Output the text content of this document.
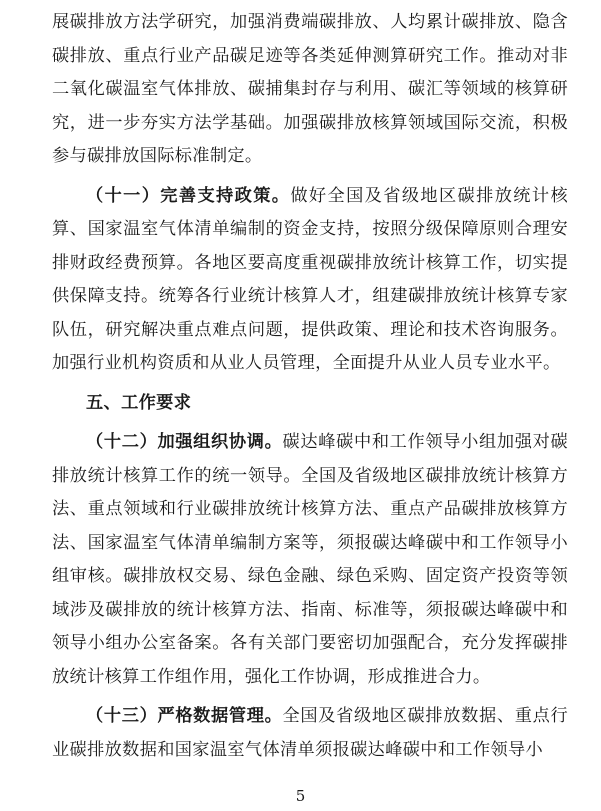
展碳排放方法学研究，加强消费端碳排放、人均累计碳排放、隐含碳排放、重点行业产品碳足迹等各类延伸测算研究工作。推动对非二氧化碳温室气体排放、碳捕集封存与利用、碳汇等领域的核算研究，进一步夯实方法学基础。加强碳排放核算领域国际交流，积极参与碳排放国际标准制定。

（十一）完善支持政策。做好全国及省级地区碳排放统计核算、国家温室气体清单编制的资金支持，按照分级保障原则合理安排财政经费预算。各地区要高度重视碳排放统计核算工作，切实提供保障支持。统筹各行业统计核算人才，组建碳排放统计核算专家队伍，研究解决重点难点问题，提供政策、理论和技术咨询服务。加强行业机构资质和从业人员管理，全面提升从业人员专业水平。

五、工作要求

（十二）加强组织协调。碳达峰碳中和工作领导小组加强对碳排放统计核算工作的统一领导。全国及省级地区碳排放统计核算方法、重点领域和行业碳排放统计核算方法、重点产品碳排放核算方法、国家温室气体清单编制方案等，须报碳达峰碳中和工作领导小组审核。碳排放权交易、绿色金融、绿色采购、固定资产投资等领域涉及碳排放的统计核算方法、指南、标准等，须报碳达峰碳中和领导小组办公室备案。各有关部门要密切加强配合，充分发挥碳排放统计核算工作组作用，强化工作协调，形成推进合力。

（十三）严格数据管理。全国及省级地区碳排放数据、重点行业碳排放数据和国家温室气体清单须报碳达峰碳中和工作领导小

5
